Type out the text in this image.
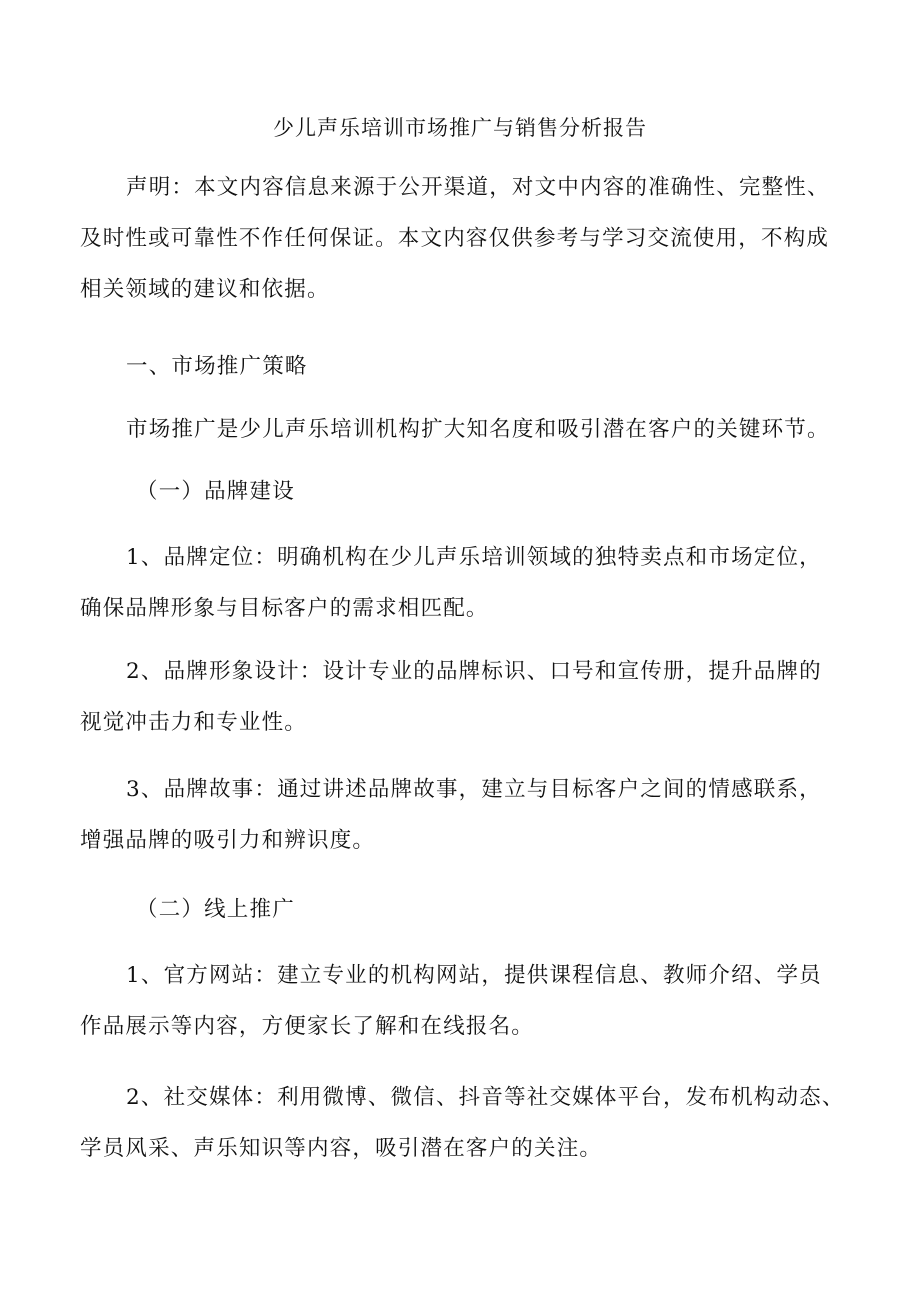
少儿声乐培训市场推广与销售分析报告
声明：本文内容信息来源于公开渠道，对文中内容的准确性、完整性、
及时性或可靠性不作任何保证。本文内容仅供参考与学习交流使用，不构成
相关领域的建议和依据。
一、市场推广策略
市场推广是少儿声乐培训机构扩大知名度和吸引潜在客户的关键环节。
（一）品牌建设
1、品牌定位：明确机构在少儿声乐培训领域的独特卖点和市场定位，
确保品牌形象与目标客户的需求相匹配。
2、品牌形象设计：设计专业的品牌标识、口号和宣传册，提升品牌的
视觉冲击力和专业性。
3、品牌故事：通过讲述品牌故事，建立与目标客户之间的情感联系，
增强品牌的吸引力和辨识度。
（二）线上推广
1、官方网站：建立专业的机构网站，提供课程信息、教师介绍、学员
作品展示等内容，方便家长了解和在线报名。
2、社交媒体：利用微博、微信、抖音等社交媒体平台，发布机构动态、
学员风采、声乐知识等内容，吸引潜在客户的关注。
